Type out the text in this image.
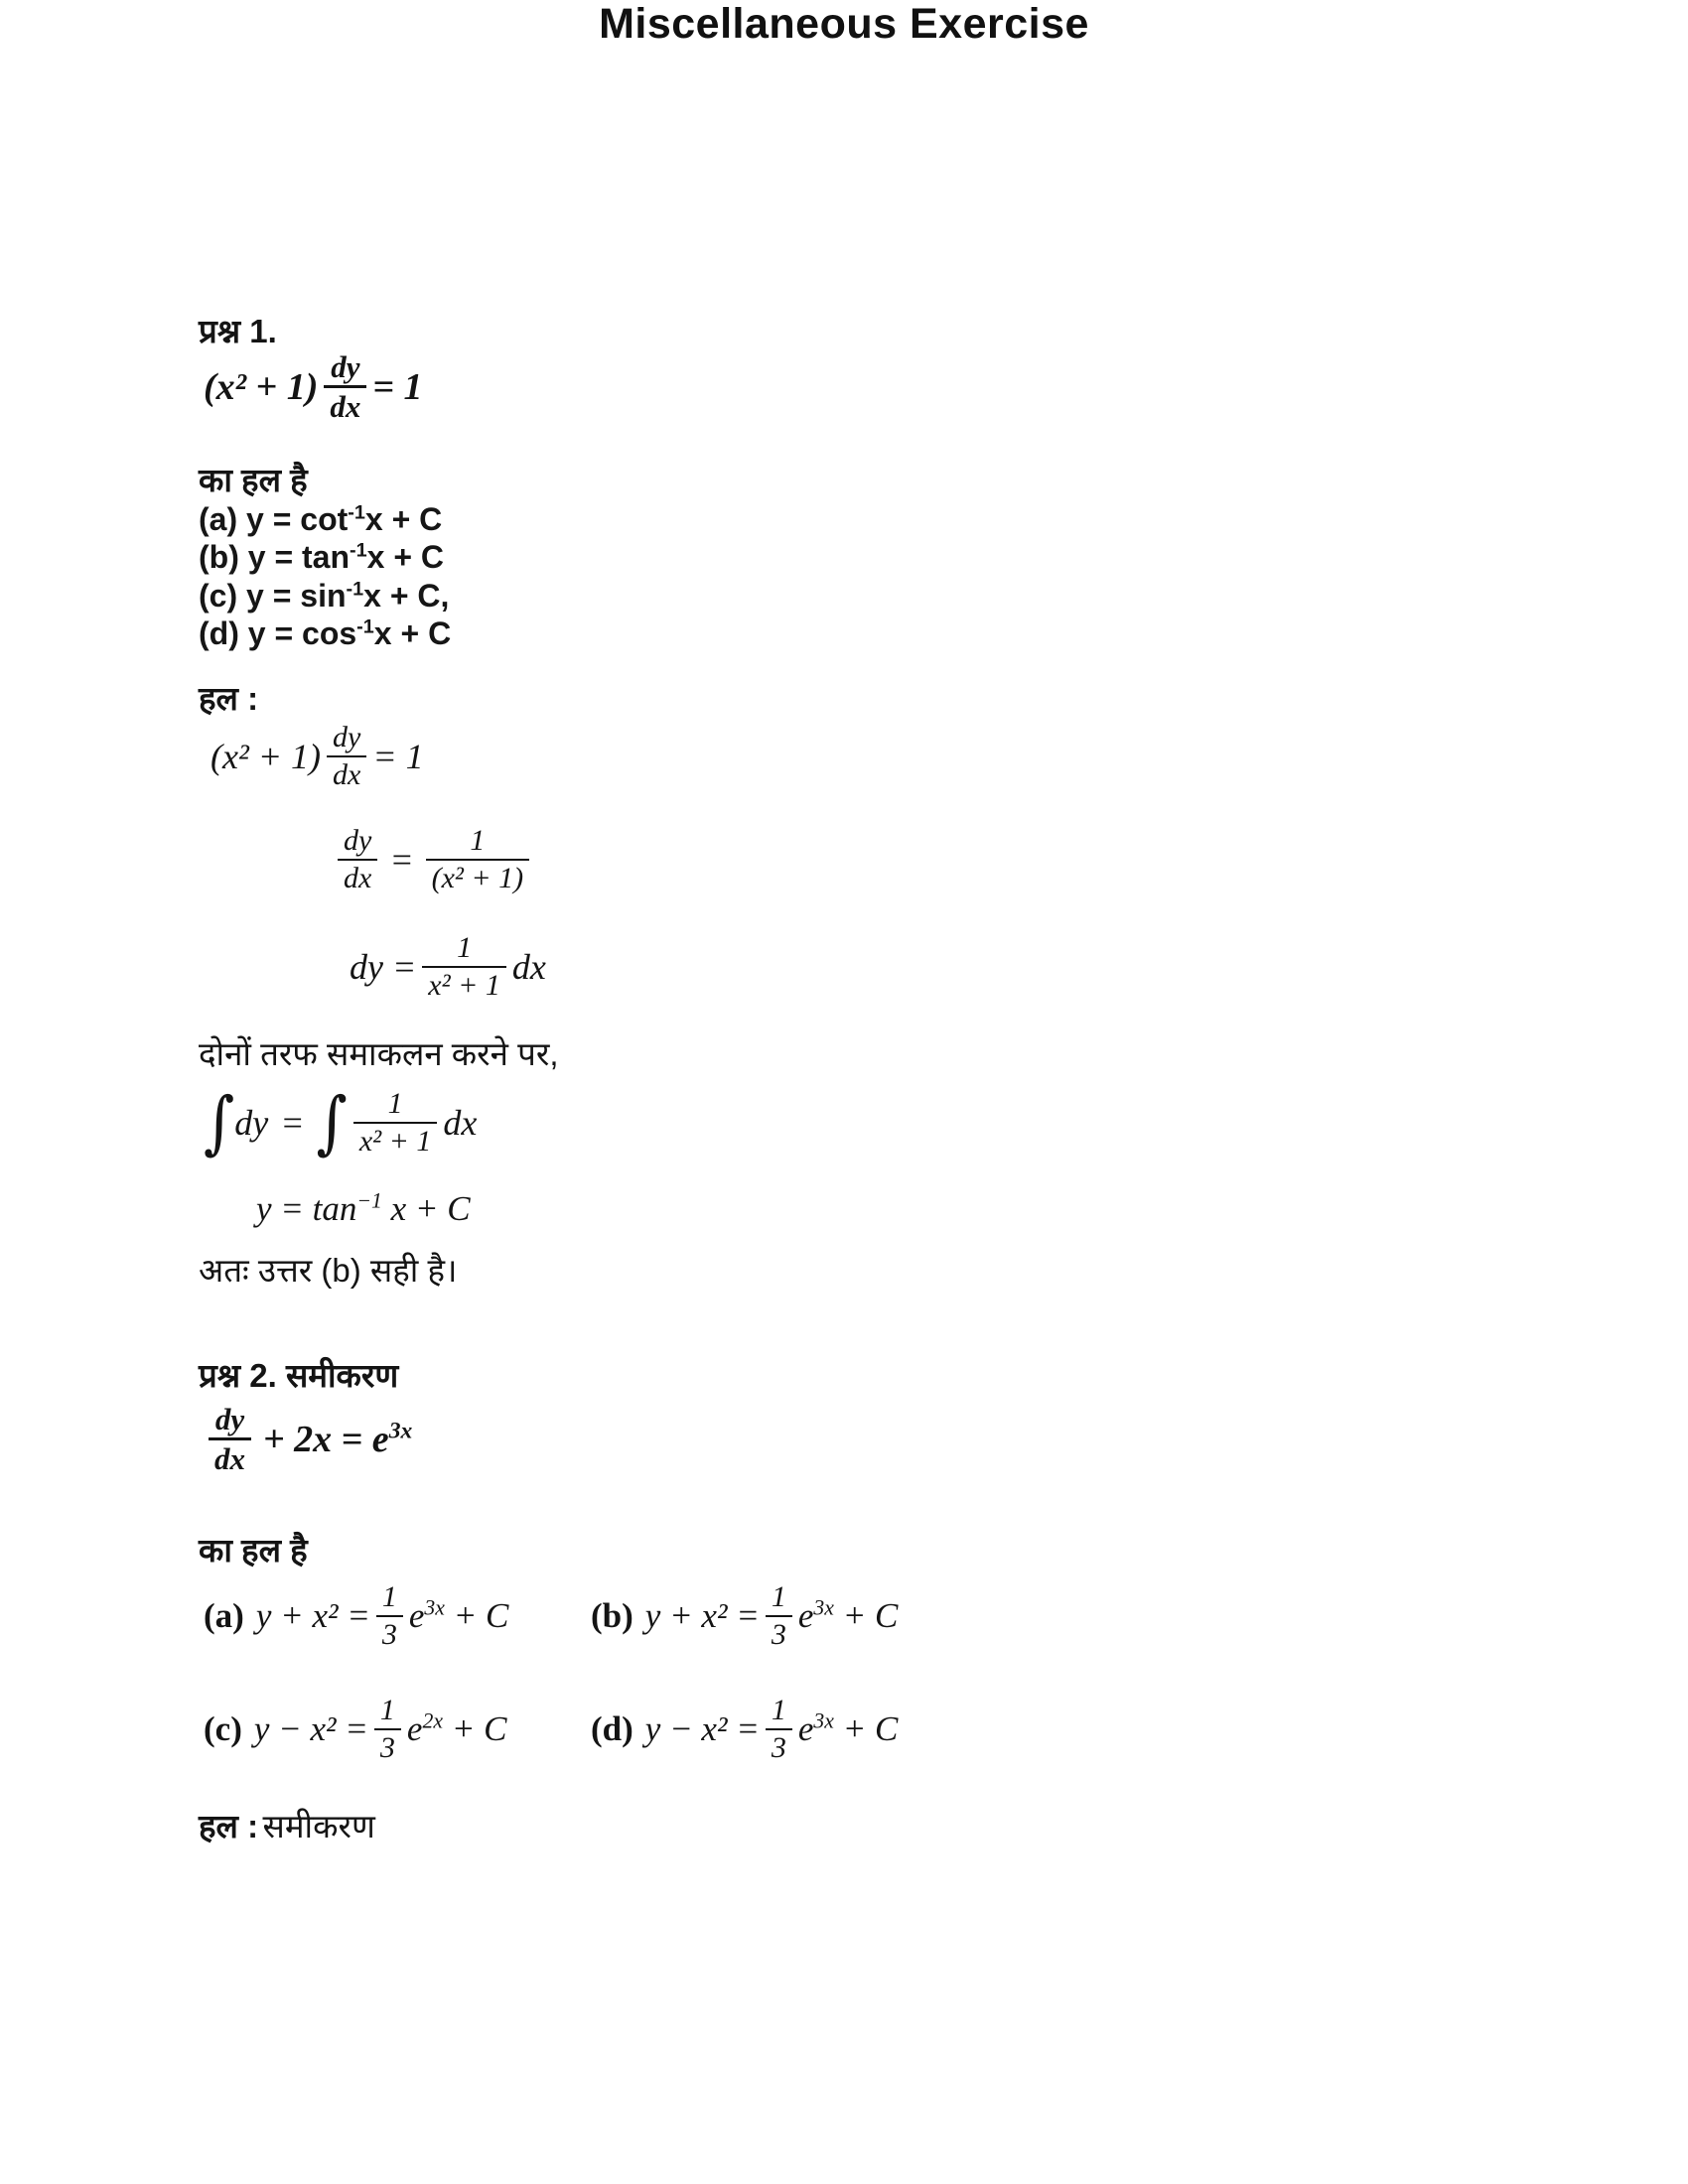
Miscellaneous Exercise
प्रश्न 1.
$(x^2 + 1) \frac{dy}{dx} = 1$
का हल है
(a) $y = \cot^{-1}x + C$
(b) $y = \tan^{-1}x + C$
(c) $y = \sin^{-1}x + C$,
(d) $y = \cos^{-1}x + C$
हल :
$(x^2 + 1) \frac{dy}{dx} = 1$
$\frac{dy}{dx} = \frac{1}{\text{(x² + 1)}}$
dy = $\frac{1}{\text{x² + 1}}$ dx
दोनों तरफ समाकलन करने पर,
∫ dy = ∫ $\frac{1}{\text{x² + 1}}$ dx
$y = \tan^{-1} x + C$
अतः उत्तर (b) सही है।
प्रश्न 2. समीकरण
$\frac{dy}{dx} + 2x = e^{3x}$
का हल है
(a) $y + x^2 = \frac{1}{3} e^{3x} + C$ (b) $y + x^2 = \frac{1}{3} e^{3x} + C$
(c) $y - x^2 = \frac{1}{3} e^{2x} + C$ (d) $y - x^2 = \frac{1}{3} e^{3x} + C$
हल : समीकरण
